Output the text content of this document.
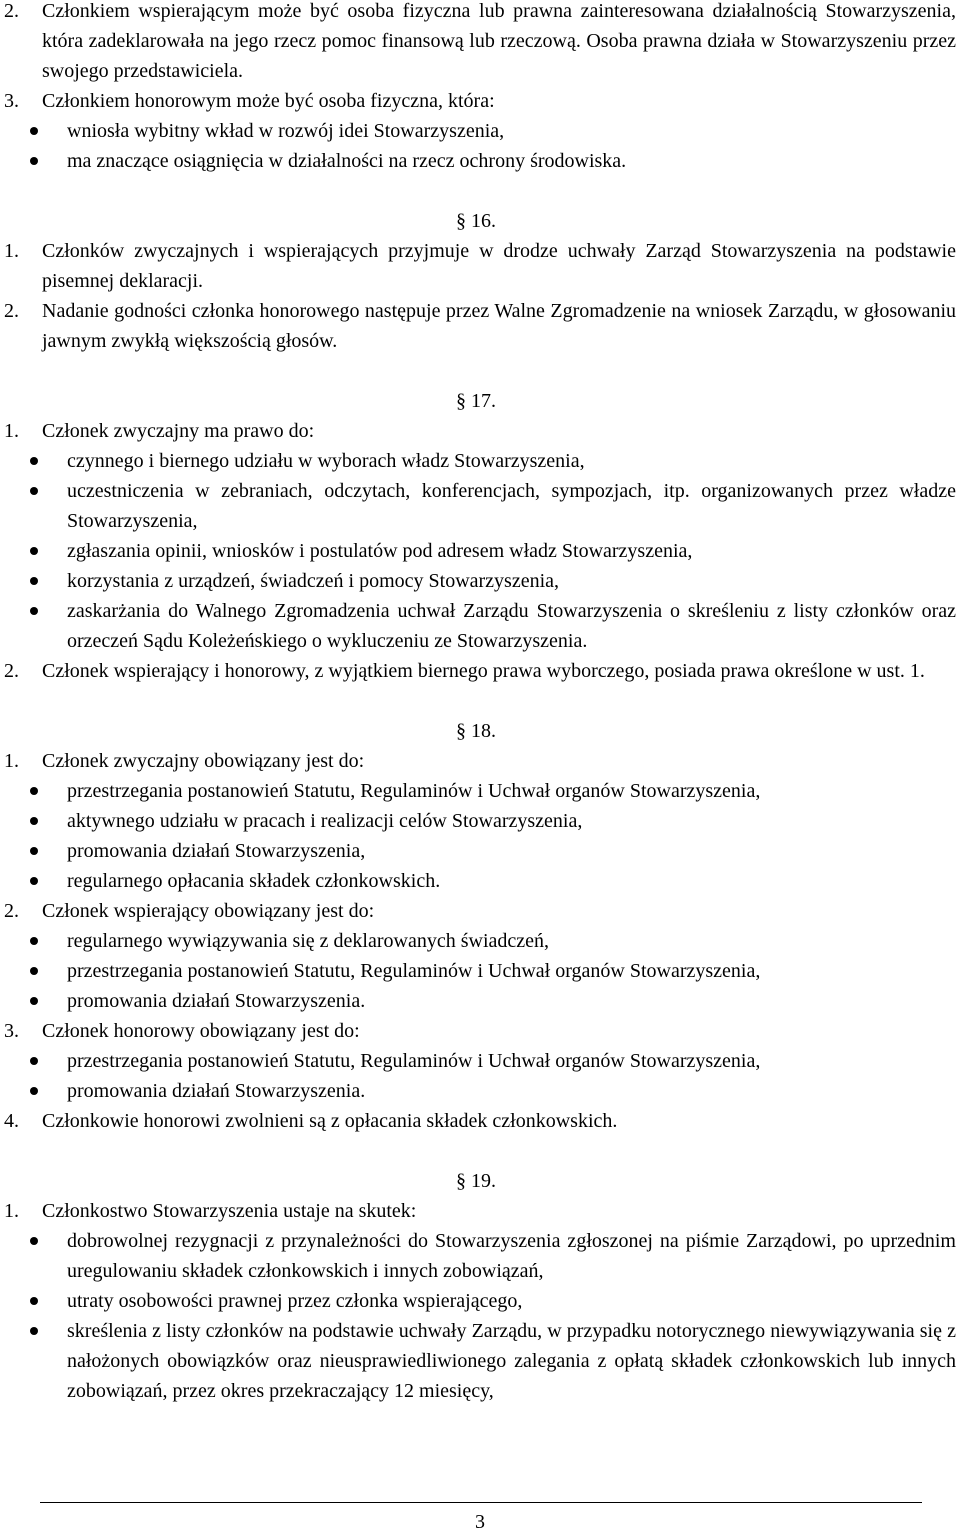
2. Członkiem wspierającym może być osoba fizyczna lub prawna zainteresowana działalnością Stowarzyszenia, która zadeklarowała na jego rzecz pomoc finansową lub rzeczową. Osoba prawna działa w Stowarzyszeniu przez swojego przedstawiciela.
3. Członkiem honorowym może być osoba fizyczna, która:
wniosła wybitny wkład w rozwój idei Stowarzyszenia,
ma znaczące osiągnięcia w działalności na rzecz ochrony środowiska.
§ 16.
1. Członków zwyczajnych i wspierających przyjmuje w drodze uchwały Zarząd Stowarzyszenia na podstawie pisemnej deklaracji.
2. Nadanie godności członka honorowego następuje przez Walne Zgromadzenie na wniosek Zarządu, w głosowaniu jawnym zwykłą większością głosów.
§ 17.
1. Członek zwyczajny ma prawo do:
czynnego i biernego udziału w wyborach władz Stowarzyszenia,
uczestniczenia w zebraniach, odczytach, konferencjach, sympozjach, itp. organizowanych przez władze Stowarzyszenia,
zgłaszania opinii, wniosków i postulatów pod adresem władz Stowarzyszenia,
korzystania z urządzeń, świadczeń i pomocy Stowarzyszenia,
zaskarżania do Walnego Zgromadzenia uchwał Zarządu Stowarzyszenia o skreśleniu z listy członków oraz orzeczeń Sądu Koleżeńskiego o wykluczeniu ze Stowarzyszenia.
2. Członek wspierający i honorowy, z wyjątkiem biernego prawa wyborczego, posiada prawa określone w ust. 1.
§ 18.
1. Członek zwyczajny obowiązany jest do:
przestrzegania postanowień Statutu, Regulaminów i Uchwał organów Stowarzyszenia,
aktywnego udziału w pracach i realizacji celów Stowarzyszenia,
promowania działań Stowarzyszenia,
regularnego opłacania składek członkowskich.
2. Członek wspierający obowiązany jest do:
regularnego wywiązywania się z deklarowanych świadczeń,
przestrzegania postanowień Statutu, Regulaminów i Uchwał organów Stowarzyszenia,
promowania działań Stowarzyszenia.
3. Członek honorowy obowiązany jest do:
przestrzegania postanowień Statutu, Regulaminów i Uchwał organów Stowarzyszenia,
promowania działań Stowarzyszenia.
4. Członkowie honorowi zwolnieni są z opłacania składek członkowskich.
§ 19.
1. Członkostwo Stowarzyszenia ustaje na skutek:
dobrowolnej rezygnacji z przynależności do Stowarzyszenia zgłoszonej na piśmie Zarządowi, po uprzednim uregulowaniu składek członkowskich i innych zobowiązań,
utraty osobowości prawnej przez członka wspierającego,
skreślenia z listy członków na podstawie uchwały Zarządu, w przypadku notorycznego niewywiązywania się z nałożonych obowiązków oraz nieusprawiedliwionego zalegania z opłatą składek członkowskich lub innych zobowiązań, przez okres przekraczający 12 miesięcy,
3
